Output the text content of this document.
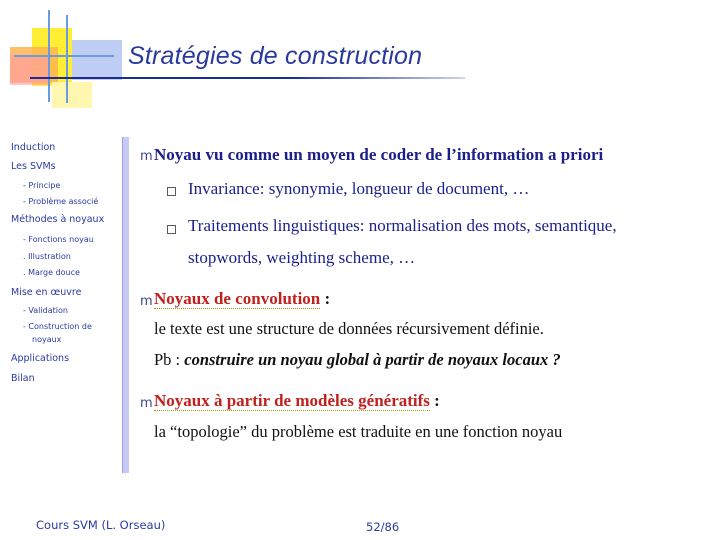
Stratégies de construction
Induction
Les SVMs
- Principe
- Problème associé
Méthodes à noyaux
- Fonctions noyau
. Illustration
. Marge douce
Mise en œuvre
- Validation
- Construction de
noyaux
Applications
Bilan
m Noyau vu comme un moyen de coder de l’information a priori
Invariance: synonymie, longueur de document, …
Traitements linguistiques: normalisation des mots, semantique,
stopwords, weighting scheme, …
m Noyaux de convolution :
le texte est une structure de données récursivement définie.
Pb : construire un noyau global à partir de noyaux locaux ?
m Noyaux à partir de modèles génératifs :
la “topologie” du problème est traduite en une fonction noyau
Cours SVM (L. Orseau)	52/86
